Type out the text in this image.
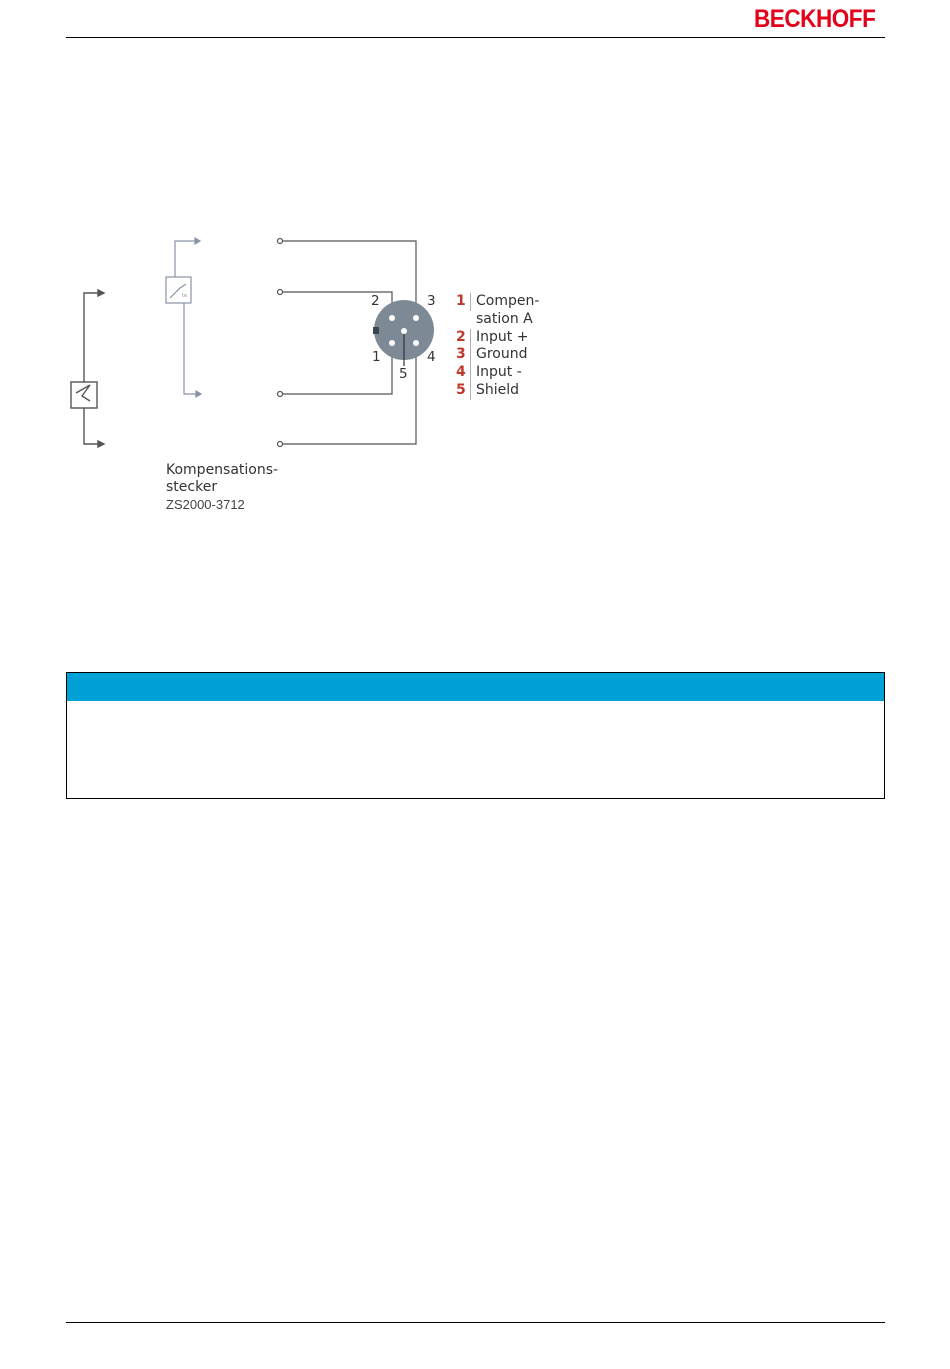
BECKHOFF
te	2	3
1
5
4
1 Compen-
sation A
2 Input +
3 Ground
4 Input -
5 Shield
Kompensations-
stecker
ZS2000-3712
